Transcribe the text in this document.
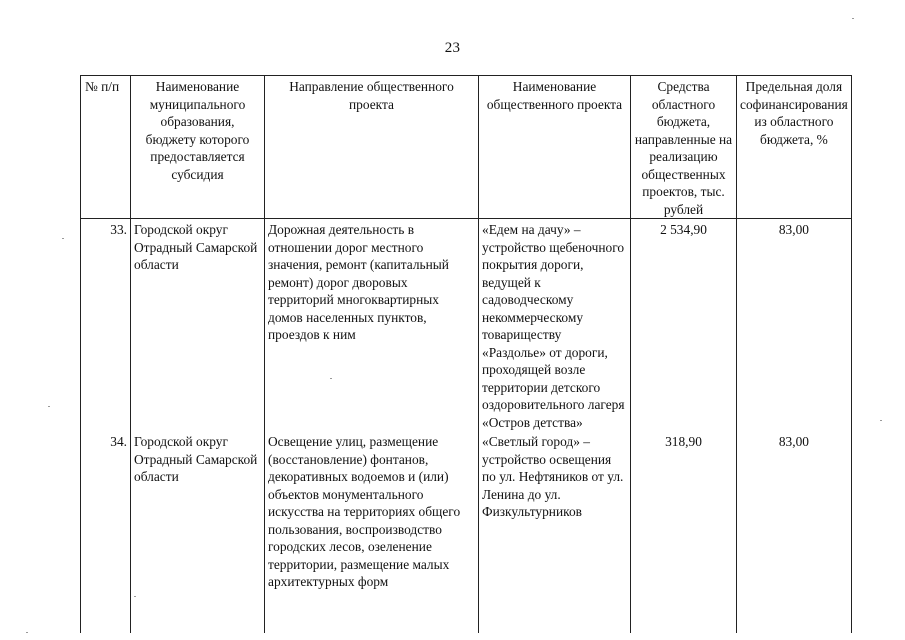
23
№ п/п	Наименование муниципального образования, бюджету которого предоставляется субсидия	Направление общественного проекта	Наименование общественного проекта	Средства областного бюджета, направленные на реализацию общественных проектов, тыс. рублей	Предельная доля софинансирования из областного бюджета, %
33.	Городской округ Отрадный Самарской области	Дорожная деятельность в отношении дорог местного значения, ремонт (капитальный ремонт) дорог дворовых территорий многоквартирных домов населенных пунктов, проездов к ним	«Едем на дачу» – устройство щебеночного покрытия дороги, ведущей к садоводческому некоммерческому товариществу «Раздолье» от дороги, проходящей возле территории детского оздоровительного лагеря «Остров детства»	2 534,90	83,00
34.	Городской округ Отрадный Самарской области	Освещение улиц, размещение (восстановление) фонтанов, декоративных водоемов и (или) объектов монументального искусства на территориях общего пользования, воспроизводство городских лесов, озеленение территории, размещение малых архитектурных форм	«Светлый город» – устройство освещения по ул. Нефтяников от ул. Ленина до ул. Физкультурников	318,90	83,00
